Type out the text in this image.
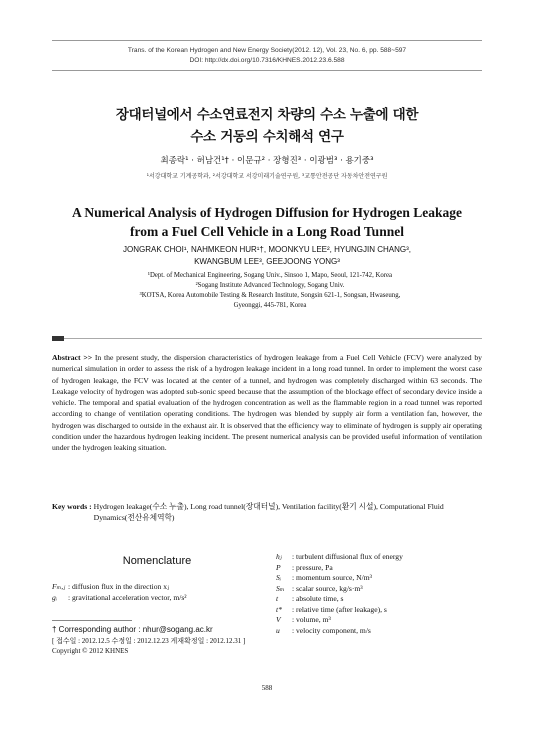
Trans. of the Korean Hydrogen and New Energy Society(2012. 12), Vol. 23, No. 6, pp. 588~597
DOI: http://dx.doi.org/10.7316/KHNES.2012.23.6.588
장대터널에서 수소연료전지 차량의 수소 누출에 대한
수소 거동의 수치해석 연구
최종락¹ · 허남건¹† · 이문규² · 장형진³ · 이광범³ · 용기중³
¹서강대학교 기계공학과, ²서강대학교 서강미래기술연구원, ³교통안전공단 자동차안전연구원
A Numerical Analysis of Hydrogen Diffusion for Hydrogen Leakage
from a Fuel Cell Vehicle in a Long Road Tunnel
JONGRAK CHOI¹, NAHMKEON HUR¹†, MOONKYU LEE², HYUNGJIN CHANG³,
KWANGBUM LEE³, GEEJOONG YONG³
¹Dept. of Mechanical Engineering, Sogang Univ., Sinsoo 1, Mapo, Seoul, 121-742, Korea
²Sogang Institute Advanced Technology, Sogang Univ.
³KOTSA, Korea Automobile Testing & Research Institute, Songsin 621-1, Songsan, Hwaseung,
Gyeonggi, 445-781, Korea
Abstract >> In the present study, the dispersion characteristics of hydrogen leakage from a Fuel Cell Vehicle (FCV) were analyzed by numerical simulation in order to assess the risk of a hydrogen leakage incident in a long road tunnel. In order to implement the worst case of hydrogen leakage, the FCV was located at the center of a tunnel, and hydrogen was completely discharged within 63 seconds. The Leakage velocity of hydrogen was adopted sub-sonic speed because that the assumption of the blockage effect of secondary device inside a vehicle. The temporal and spatial evaluation of the hydrogen concentration as well as the flammable region in a road tunnel was reported according to change of ventilation operating conditions. The hydrogen was blended by supply air form a ventilation fan, however, the hydrogen was discharged to outside in the exhaust air. It is observed that the efficiency way to eliminate of hydrogen is supply air operating condition under the hazardous hydrogen leaking incident. The present numerical analysis can be provided useful information of ventilation under the hydrogen leaking situation.
Key words : Hydrogen leakage(수소 누출), Long road tunnel(장대터널), Ventilation facility(환기 시설), Computational Fluid Dynamics(전산유체역학)
Nomenclature
Fₘ,ⱼ : diffusion flux in the direction xⱼ
gᵢ	: gravitational acceleration vector, m/s²
† Corresponding author : nhur@sogang.ac.kr
[ 접수일 : 2012.12.5 수정일 : 2012.12.23 게재확정일 : 2012.12.31 ]
Copyright © 2012 KHNES
hⱼ	: turbulent diffusional flux of energy
P	: pressure, Pa
Sᵢ	: momentum source, N/m³
Sₘ : scalar source, kg/s·m³
t	: absolute time, s
t*	: relative time (after leakage), s
V	: volume, m³
u	: velocity component, m/s
588
